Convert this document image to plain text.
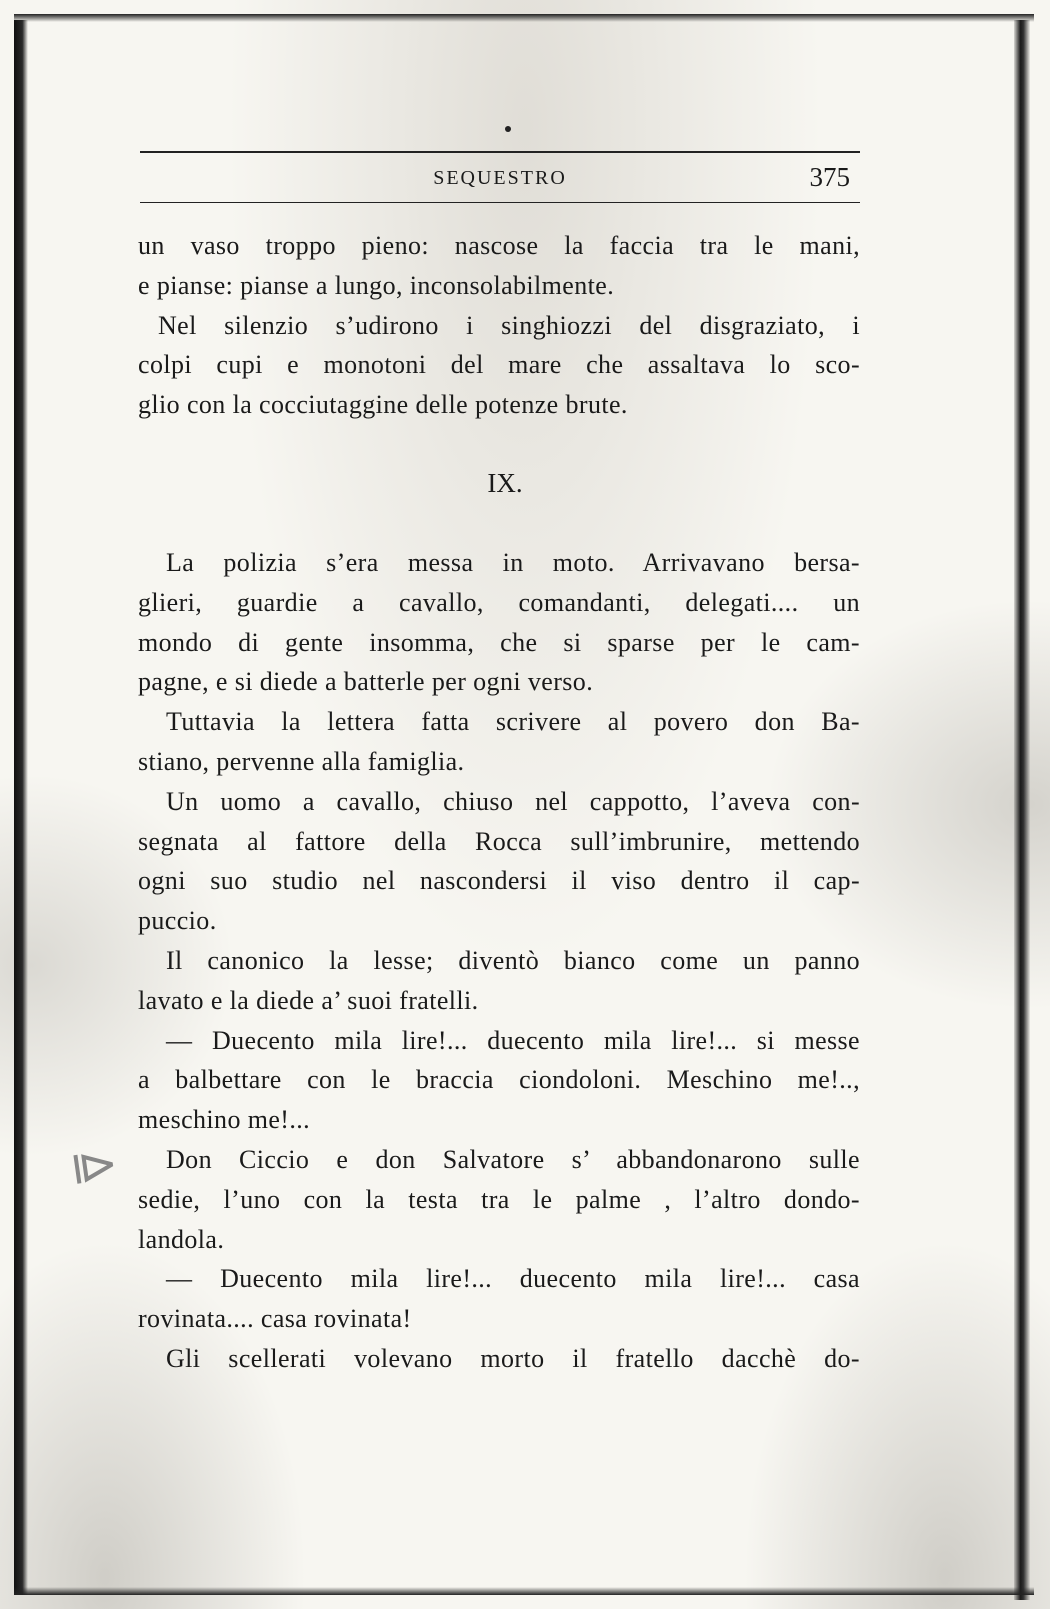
SEQUESTRO	375
un vaso troppo pieno: nascose la faccia tra le mani,
e pianse: pianse a lungo, inconsolabilmente.
Nel silenzio s’udirono i singhiozzi del disgraziato, i
colpi cupi e monotoni del mare che assaltava lo sco-
glio con la cocciutaggine delle potenze brute.
IX.
La polizia s’era messa in moto. Arrivavano bersa-
glieri, guardie a cavallo, comandanti, delegati.... un
mondo di gente insomma, che si sparse per le cam-
pagne, e si diede a batterle per ogni verso.
Tuttavia la lettera fatta scrivere al povero don Ba-
stiano, pervenne alla famiglia.
Un uomo a cavallo, chiuso nel cappotto, l’aveva con-
segnata al fattore della Rocca sull’imbrunire, mettendo
ogni suo studio nel nascondersi il viso dentro il cap-
puccio.
Il canonico la lesse; diventò bianco come un panno
lavato e la diede a’ suoi fratelli.
— Duecento mila lire!... duecento mila lire!... si messe
a balbettare con le braccia ciondoloni. Meschino me!..,
meschino me!...
Don Ciccio e don Salvatore s’ abbandonarono sulle
sedie, l’uno con la testa tra le palme , l’altro dondo-
landola.
— Duecento mila lire!... duecento mila lire!... casa
rovinata.... casa rovinata!
Gli scellerati volevano morto il fratello dacchè do-
⧐
